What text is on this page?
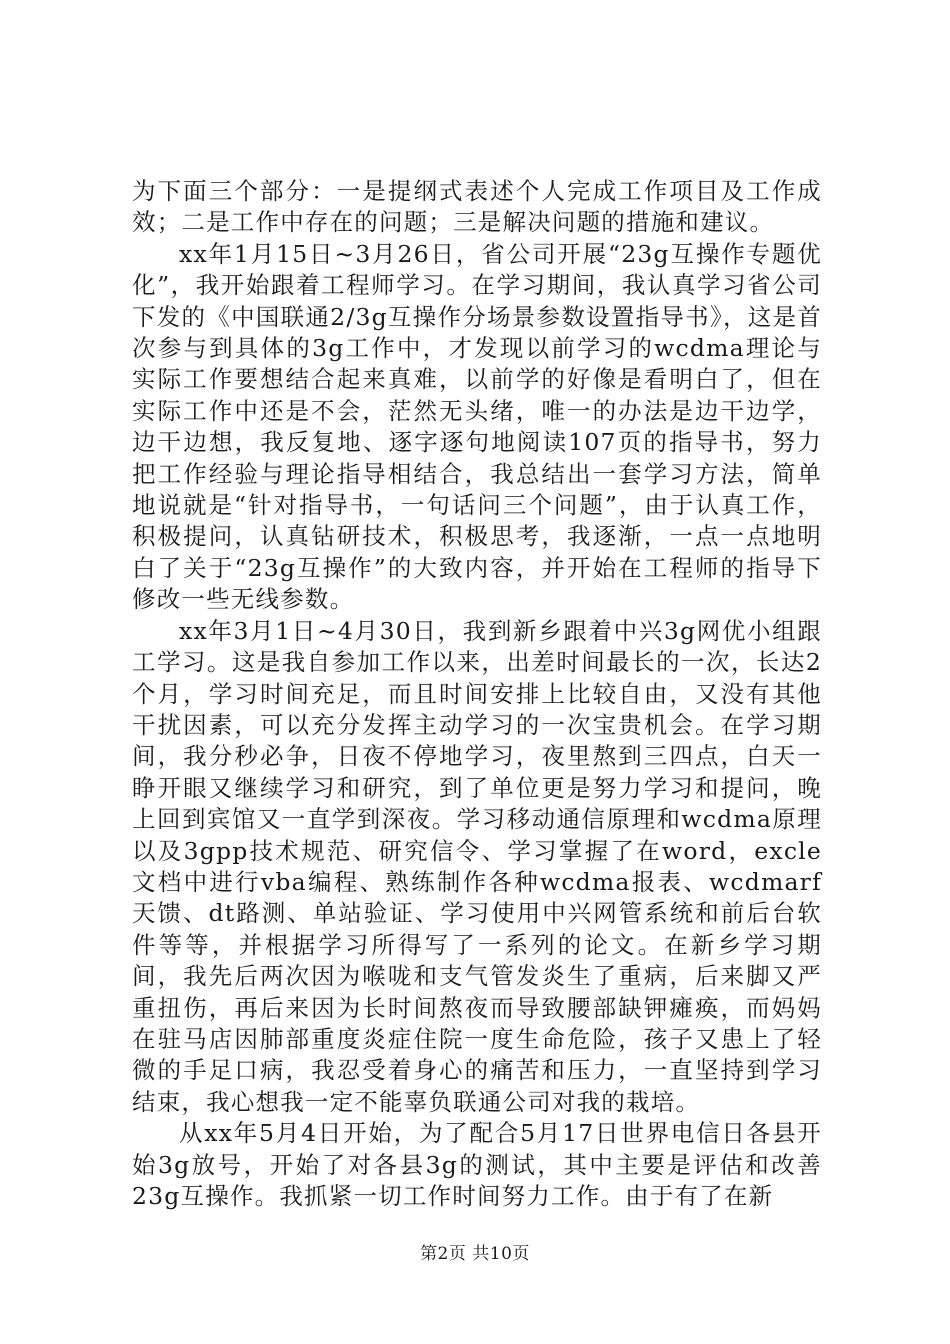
为下面三个部分：一是提纲式表述个人完成工作项目及工作成效；二是工作中存在的问题；三是解决问题的措施和建议。

xx年1月15日~3月26日，省公司开展“23g互操作专题优化”，我开始跟着工程师学习。在学习期间，我认真学习省公司下发的《中国联通2/3g互操作分场景参数设置指导书》，这是首次参与到具体的3g工作中，才发现以前学习的wcdma理论与实际工作要想结合起来真难，以前学的好像是看明白了，但在实际工作中还是不会，茫然无头绪，唯一的办法是边干边学，边干边想，我反复地、逐字逐句地阅读107页的指导书，努力把工作经验与理论指导相结合，我总结出一套学习方法，简单地说就是“针对指导书，一句话问三个问题”，由于认真工作，积极提问，认真钻研技术，积极思考，我逐渐，一点一点地明白了关于“23g互操作”的大致内容，并开始在工程师的指导下修改一些无线参数。

xx年3月1日~4月30日，我到新乡跟着中兴3g网优小组跟工学习。这是我自参加工作以来，出差时间最长的一次，长达2个月，学习时间充足，而且时间安排上比较自由，又没有其他干扰因素，可以充分发挥主动学习的一次宝贵机会。在学习期间，我分秒必争，日夜不停地学习，夜里熬到三四点，白天一睁开眼又继续学习和研究，到了单位更是努力学习和提问，晚上回到宾馆又一直学到深夜。学习移动通信原理和wcdma原理以及3gpp技术规范、研究信令、学习掌握了在word，excle文档中进行vba编程、熟练制作各种wcdma报表、wcdmarf天馈、dt路测、单站验证、学习使用中兴网管系统和前后台软件等等，并根据学习所得写了一系列的论文。在新乡学习期间，我先后两次因为喉咙和支气管发炎生了重病，后来脚又严重扭伤，再后来因为长时间熬夜而导致腰部缺钾瘫痪，而妈妈在驻马店因肺部重度炎症住院一度生命危险，孩子又患上了轻微的手足口病，我忍受着身心的痛苦和压力，一直坚持到学习结束，我心想我一定不能辜负联通公司对我的栽培。

从xx年5月4日开始，为了配合5月17日世界电信日各县开始3g放号，开始了对各县3g的测试，其中主要是评估和改善23g互操作。我抓紧一切工作时间努力工作。由于有了在新

第2页 共10页
